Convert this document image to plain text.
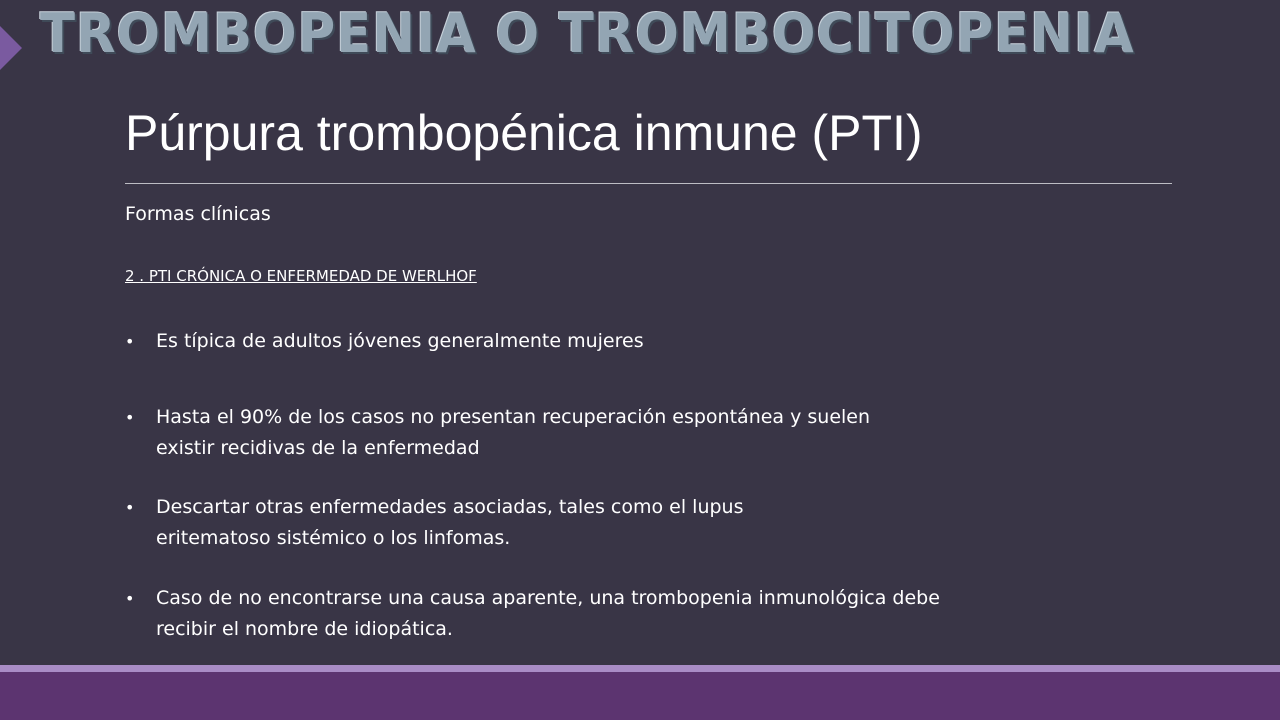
TROMBOPENIA O TROMBOCITOPENIA
Púrpura trombopénica inmune (PTI)
Formas clínicas
2 . PTI CRÓNICA O ENFERMEDAD DE WERLHOF
•	Es típica de adultos jóvenes generalmente mujeres
•	Hasta el 90% de los casos no presentan recuperación espontánea y suelen
existir recidivas de la enfermedad
•	Descartar otras enfermedades asociadas, tales como el lupus
eritematoso sistémico o los linfomas.
•	Caso de no encontrarse una causa aparente, una trombopenia inmunológica debe
recibir el nombre de idiopática.
